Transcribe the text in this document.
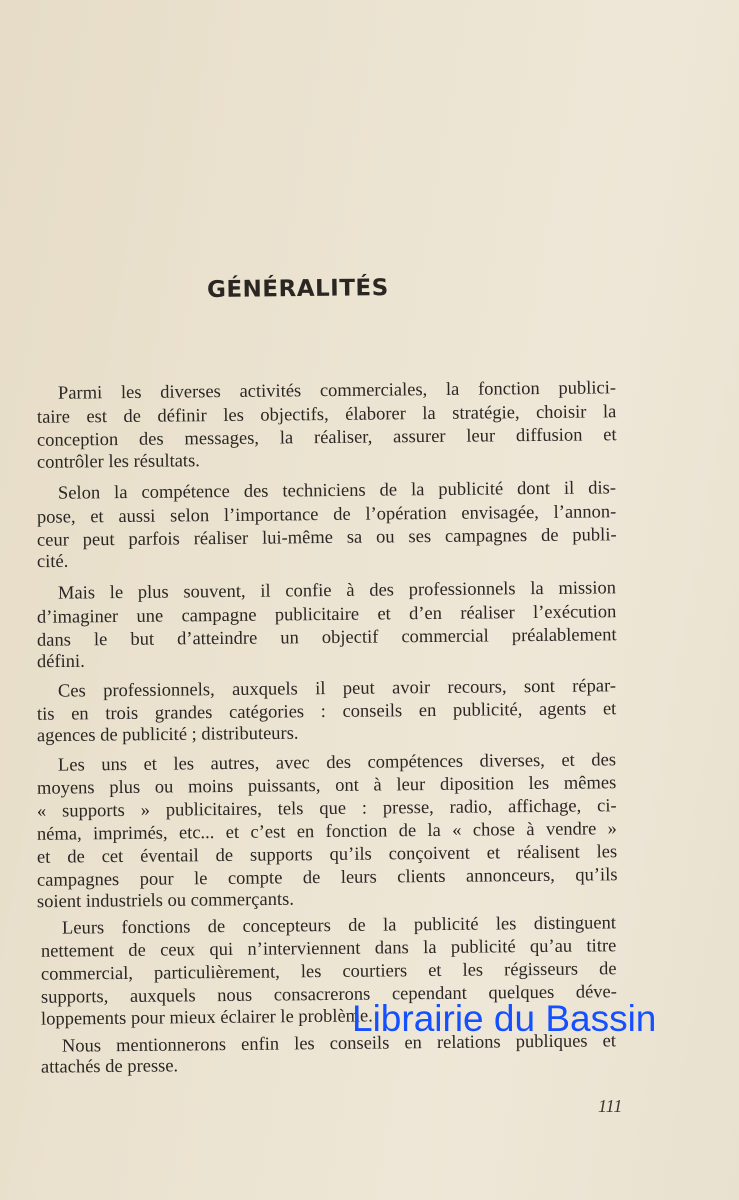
GÉNÉRALITÉS
Parmi les diverses activités commerciales, la fonction publici-
taire est de définir les objectifs, élaborer la stratégie, choisir la
conception des messages, la réaliser, assurer leur diffusion et
contrôler les résultats.
Selon la compétence des techniciens de la publicité dont il dis-
pose, et aussi selon l’importance de l’opération envisagée, l’annon-
ceur peut parfois réaliser lui-même sa ou ses campagnes de publi-
cité.
Mais le plus souvent, il confie à des professionnels la mission
d’imaginer une campagne publicitaire et d’en réaliser l’exécution
dans le but d’atteindre un objectif commercial préalablement
défini.
Ces professionnels, auxquels il peut avoir recours, sont répar-
tis en trois grandes catégories : conseils en publicité, agents et
agences de publicité ; distributeurs.
Les uns et les autres, avec des compétences diverses, et des
moyens plus ou moins puissants, ont à leur diposition les mêmes
« supports » publicitaires, tels que : presse, radio, affichage, ci-
néma, imprimés, etc... et c’est en fonction de la « chose à vendre »
et de cet éventail de supports qu’ils conçoivent et réalisent les
campagnes pour le compte de leurs clients annonceurs, qu’ils
soient industriels ou commerçants.
Leurs fonctions de concepteurs de la publicité les distinguent
nettement de ceux qui n’interviennent dans la publicité qu’au titre
commercial, particulièrement, les courtiers et les régisseurs de
supports, auxquels nous consacrerons cependant quelques déve-
loppements pour mieux éclairer le problème.
Nous mentionnerons enfin les conseils en relations publiques et
attachés de presse.
111
Librairie du Bassin
